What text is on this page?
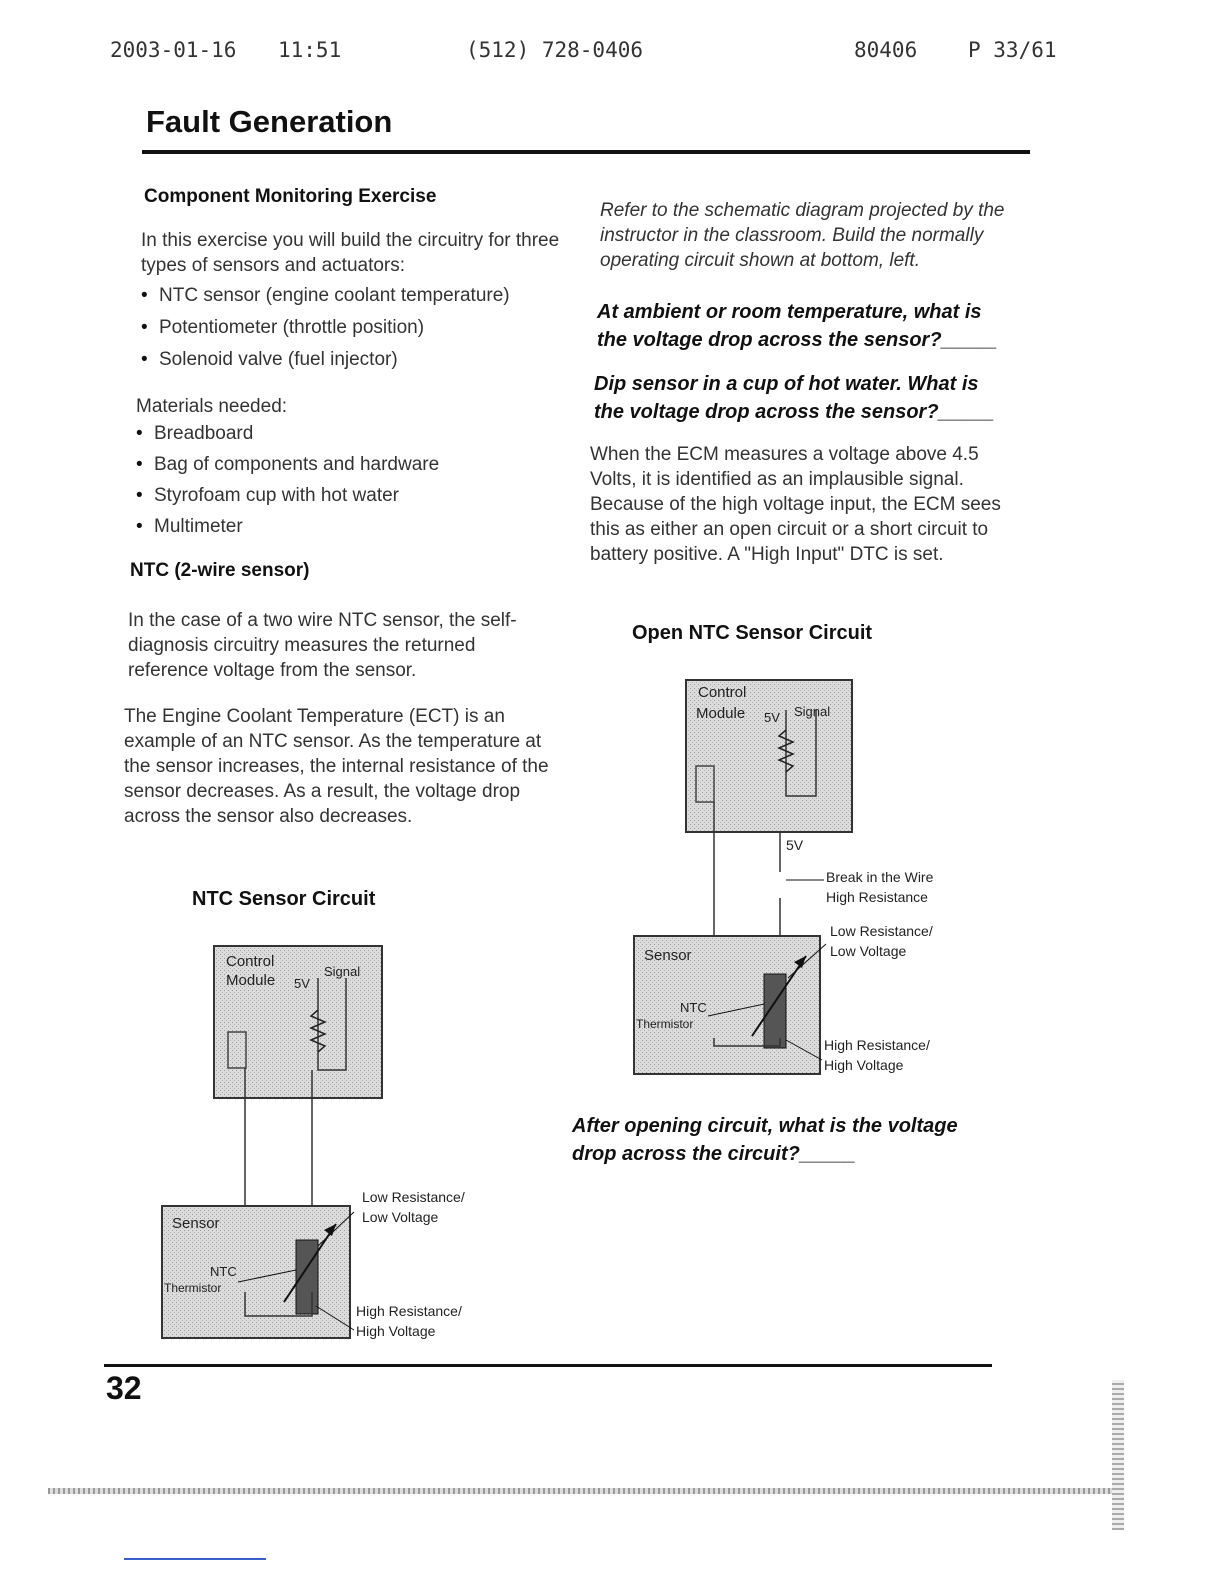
2003-01-16 11:51	(512) 728-0406	80406 P 33/61
Fault Generation
Component Monitoring Exercise

In this exercise you will build the circuitry for three types of sensors and actuators:

• NTC sensor (engine coolant temperature)
• Potentiometer (throttle position)
• Solenoid valve (fuel injector)

Materials needed:

• Breadboard
• Bag of components and hardware
• Styrofoam cup with hot water
• Multimeter
NTC (2-wire sensor)

In the case of a two wire NTC sensor, the self-diagnosis circuitry measures the returned reference voltage from the sensor.

The Engine Coolant Temperature (ECT) is an example of an NTC sensor. As the temperature at the sensor increases, the internal resistance of the sensor decreases. As a result, the voltage drop across the sensor also decreases.

NTC Sensor Circuit
Control
Module 5V
Signal
Sensor
NTC
Thermistor
Low Resistance/
Low Voltage
High Resistance/
High Voltage

Refer to the schematic diagram projected by the instructor in the classroom. Build the normally operating circuit shown at bottom, left.

At ambient or room temperature, what is the voltage drop across the sensor?_____

Dip sensor in a cup of hot water. What is the voltage drop across the sensor?_____

When the ECM measures a voltage above 4.5 Volts, it is identified as an implausible signal. Because of the high voltage input, the ECM sees this as either an open circuit or a short circuit to battery positive. A "High Input" DTC is set.

Open NTC Sensor Circuit
Control
Module 5V Signal
5V
Break in the Wire
High Resistance
Sensor
NTC
Thermistor
Low Resistance/
Low Voltage
High Resistance/
High Voltage

After opening circuit, what is the voltage drop across the circuit?_____

32
